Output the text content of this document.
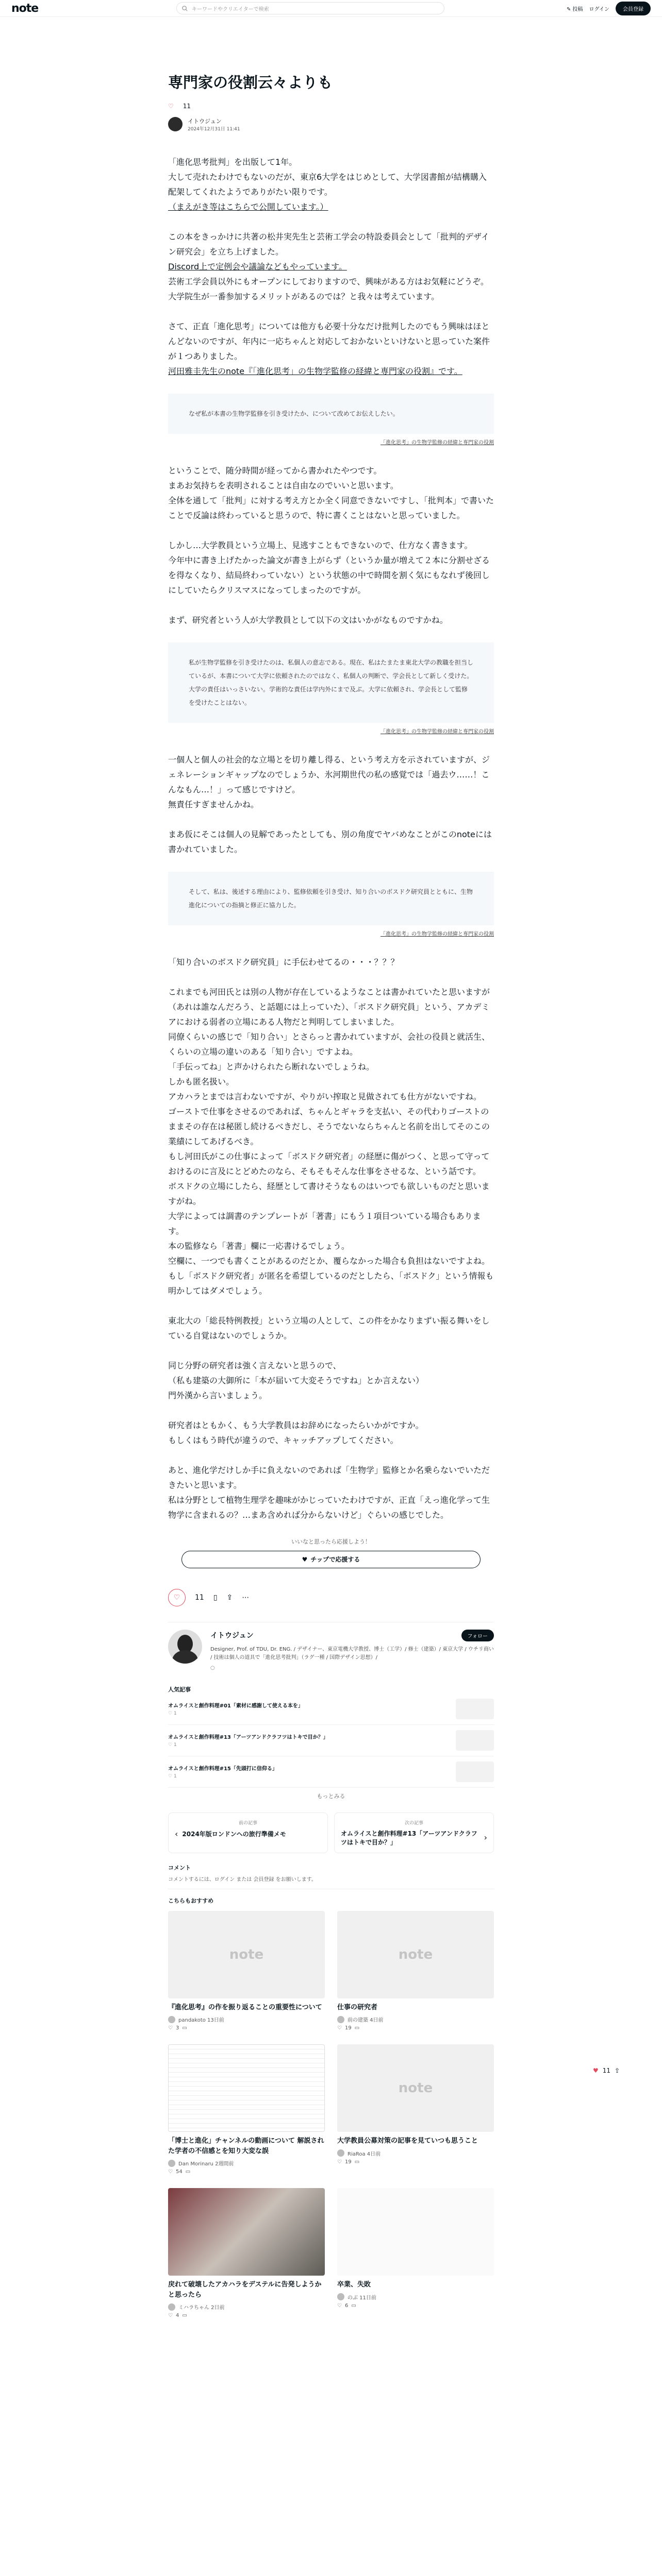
note	キーワードやクリエイターで検索	✎ 投稿 ログイン	会員登録
専門家の役割云々よりも
♡ 11
イトウジュン
2024年12月31日 11:41
「進化思考批判」を出版して1年。
大して売れたわけでもないのだが、東京6大学をはじめとして、大学図書館が結構購入配架してくれたようでありがたい限りです。
（まえがき等はこちらで公開しています。）
この本をきっかけに共著の松井実先生と芸術工学会の特設委員会として「批判的デザイン研究会」を立ち上げました。
Discord上で定例会や議論などもやっています。
芸術工学会員以外にもオープンにしておりますので、興味がある方はお気軽にどうぞ。
大学院生が一番参加するメリットがあるのでは？と我々は考えています。
さて、正直「進化思考」については他方も必要十分なだけ批判したのでもう興味はほとんどないのですが、年内に一応ちゃんと対応しておかないといけないと思っていた案件が１つありました。
河田雅圭先生のnote『「進化思考」の生物学監修の経緯と専門家の役割』です。
なぜ私が本書の生物学監修を引き受けたか、について改めてお伝えしたい。
「進化思考」の生物学監修の経緯と専門家の役割
ということで、随分時間が経ってから書かれたやつです。
まあお気持ちを表明されることは自由なのでいいと思います。
全体を通して「批判」に対する考え方とか全く同意できないですし、「批判本」で書いたことで反論は終わっていると思うので、特に書くことはないと思っていました。
しかし…大学教員という立場上、見逃すこともできないので、仕方なく書きます。
今年中に書き上げたかった論文が書き上がらず（というか量が増えて２本に分割せざるを得なくなり、結局終わっていない）という状態の中で時間を割く気にもなれず後回しにしていたらクリスマスになってしまったのですが。
まず、研究者という人が大学教員として以下の文はいかがなものですかね。
私が生物学監修を引き受けたのは、私個人の意志である。現在、私はたまたま東北大学の教職を担当しているが、本書について大学に依頼されたのではなく、私個人の判断で、学会長として新しく受けた。大学の責任はいっさいない。学術的な責任は学内外にまで及ぶ。大学に依頼され、学会長として監修を受けたことはない。
「進化思考」の生物学監修の経緯と専門家の役割
一個人と個人の社会的な立場とを切り離し得る、という考え方を示されていますが、ジェネレーションギャップなのでしょうか、氷河期世代の私の感覚では「過去ウ……！こんなもん…！」って感じですけど。
無責任すぎませんかね。
まあ仮にそこは個人の見解であったとしても、別の角度でヤバめなことがこのnoteには書かれていました。
そして、私は、後述する理由により、監修依頼を引き受け、知り合いのボスドク研究員とともに、生物進化についての指摘と修正に協力した。
「進化思考」の生物学監修の経緯と専門家の役割
「知り合いのボスドク研究員」に手伝わせてるの・・・？？？
これまでも河田氏とは別の人物が存在しているようなことは書かれていたと思いますが（あれは誰なんだろう、と話題には上っていた）、「ボスドク研究員」という、アカデミアにおける弱者の立場にある人物だと判明してしまいました。
同僚くらいの感じで「知り合い」とさらっと書かれていますが、会社の役員と就活生、くらいの立場の違いのある「知り合い」ですよね。
「手伝ってね」と声かけられたら断れないでしょうね。
しかも匿名扱い。
アカハラとまでは言わないですが、やりがい搾取と見做されても仕方がないですね。
ゴーストで仕事をさせるのであれば、ちゃんとギャラを支払い、その代わりゴーストのままその存在は秘匿し続けるべきだし、そうでないならちゃんと名前を出してそのこの業績にしてあげるべき。
もし河田氏がこの仕事によって「ボスドク研究者」の経歴に傷がつく、と思って守っておけるのに言及にとどめたのなら、そもそもそんな仕事をさせるな、という話です。
ボスドクの立場にしたら、経歴として書けそうなものはいつでも欲しいものだと思いますがね。
大学によっては調書のテンプレートが「著書」にもう１項目ついている場合もあります。
本の監修なら「著書」欄に一応書けるでしょう。
空欄に、一つでも書くことがあるのだとか、覆らなかった場合も負担はないですよね。
もし「ボスドク研究者」が匿名を希望しているのだとしたら、「ボスドク」という情報も明かしてはダメでしょう。
東北大の「総長特例教授」という立場の人として、この件をかなりまずい振る舞いをしている自覚はないのでしょうか。
同じ分野の研究者は強く言えないと思うので、
（私も建築の大御所に「本が届いて大変そうですね」とか言えない）
門外漢から言いましょう。
研究者はともかく、もう大学教員はお辞めになったらいかがですか。
もしくはもう時代が違うので、キャッチアップしてください。
あと、進化学だけしか手に負えないのであれば「生物学」監修とか名乗らないでいただきたいと思います。
私は分野として植物生理学を趣味がかじっていたわけですが、正直「えっ進化学って生物学に含まれるの？…まあ含めれば分からないけど」ぐらいの感じでした。
いいなと思ったら応援しよう！
♥ チップで応援する
♡	11 ▯ ⇪ ⋯
イトウジュン	フォロー
Designer, Prof. of TDU, Dr. ENG. / デザイナー、東京電機大学教授、博士（工学）/ 修士（建築）/ 東京大学 / ウチリ商い / 技術は個人の道具で「進化思考批判」（ラグ一種 / 国際デザイン思想）/
◌
人気記事
オムライスと創作料理#01「素材に感謝して使える本を」
♡ 1
オムライスと創作料理#13「アーツアンドクラフツはトキで目か？」
♡ 1
オムライスと創作料理#15「先頭打に信仰る」
♡ 1
もっとみる
前の記事
‹ 2024年版ロンドンへの旅行準備メモ
次の記事
オムライスと創作料理#13「アーツアンドクラフツはトキで目か？」	›
コメント
コメントするには、ログイン または 会員登録 をお願いします。
こちらもおすすめ
note
『進化思考』の作を振り返ることの重要性について
pandakoto 13日前
♡ 3 ▭
note
仕事の研究者
前の建築 4日前
♡ 19 ▭
「博士と進化」チャンネルの動画について 解説された学者の不信感とを知り大変な誤
Dan Morinaru 2週間前
♡ 54 ▭
note
大学教員公募対策の記事を見ていつも思うこと
RiaRoa 4日前
♡ 19 ▭
戻れて破壊したアカハラをデステルに告発しようかと思ったら
ミハラちゃん 2日前
♡ 4 ▭
卒業、失敗
のぶ 11日前
♡ 6 ▭
♥ 11 ⇪
